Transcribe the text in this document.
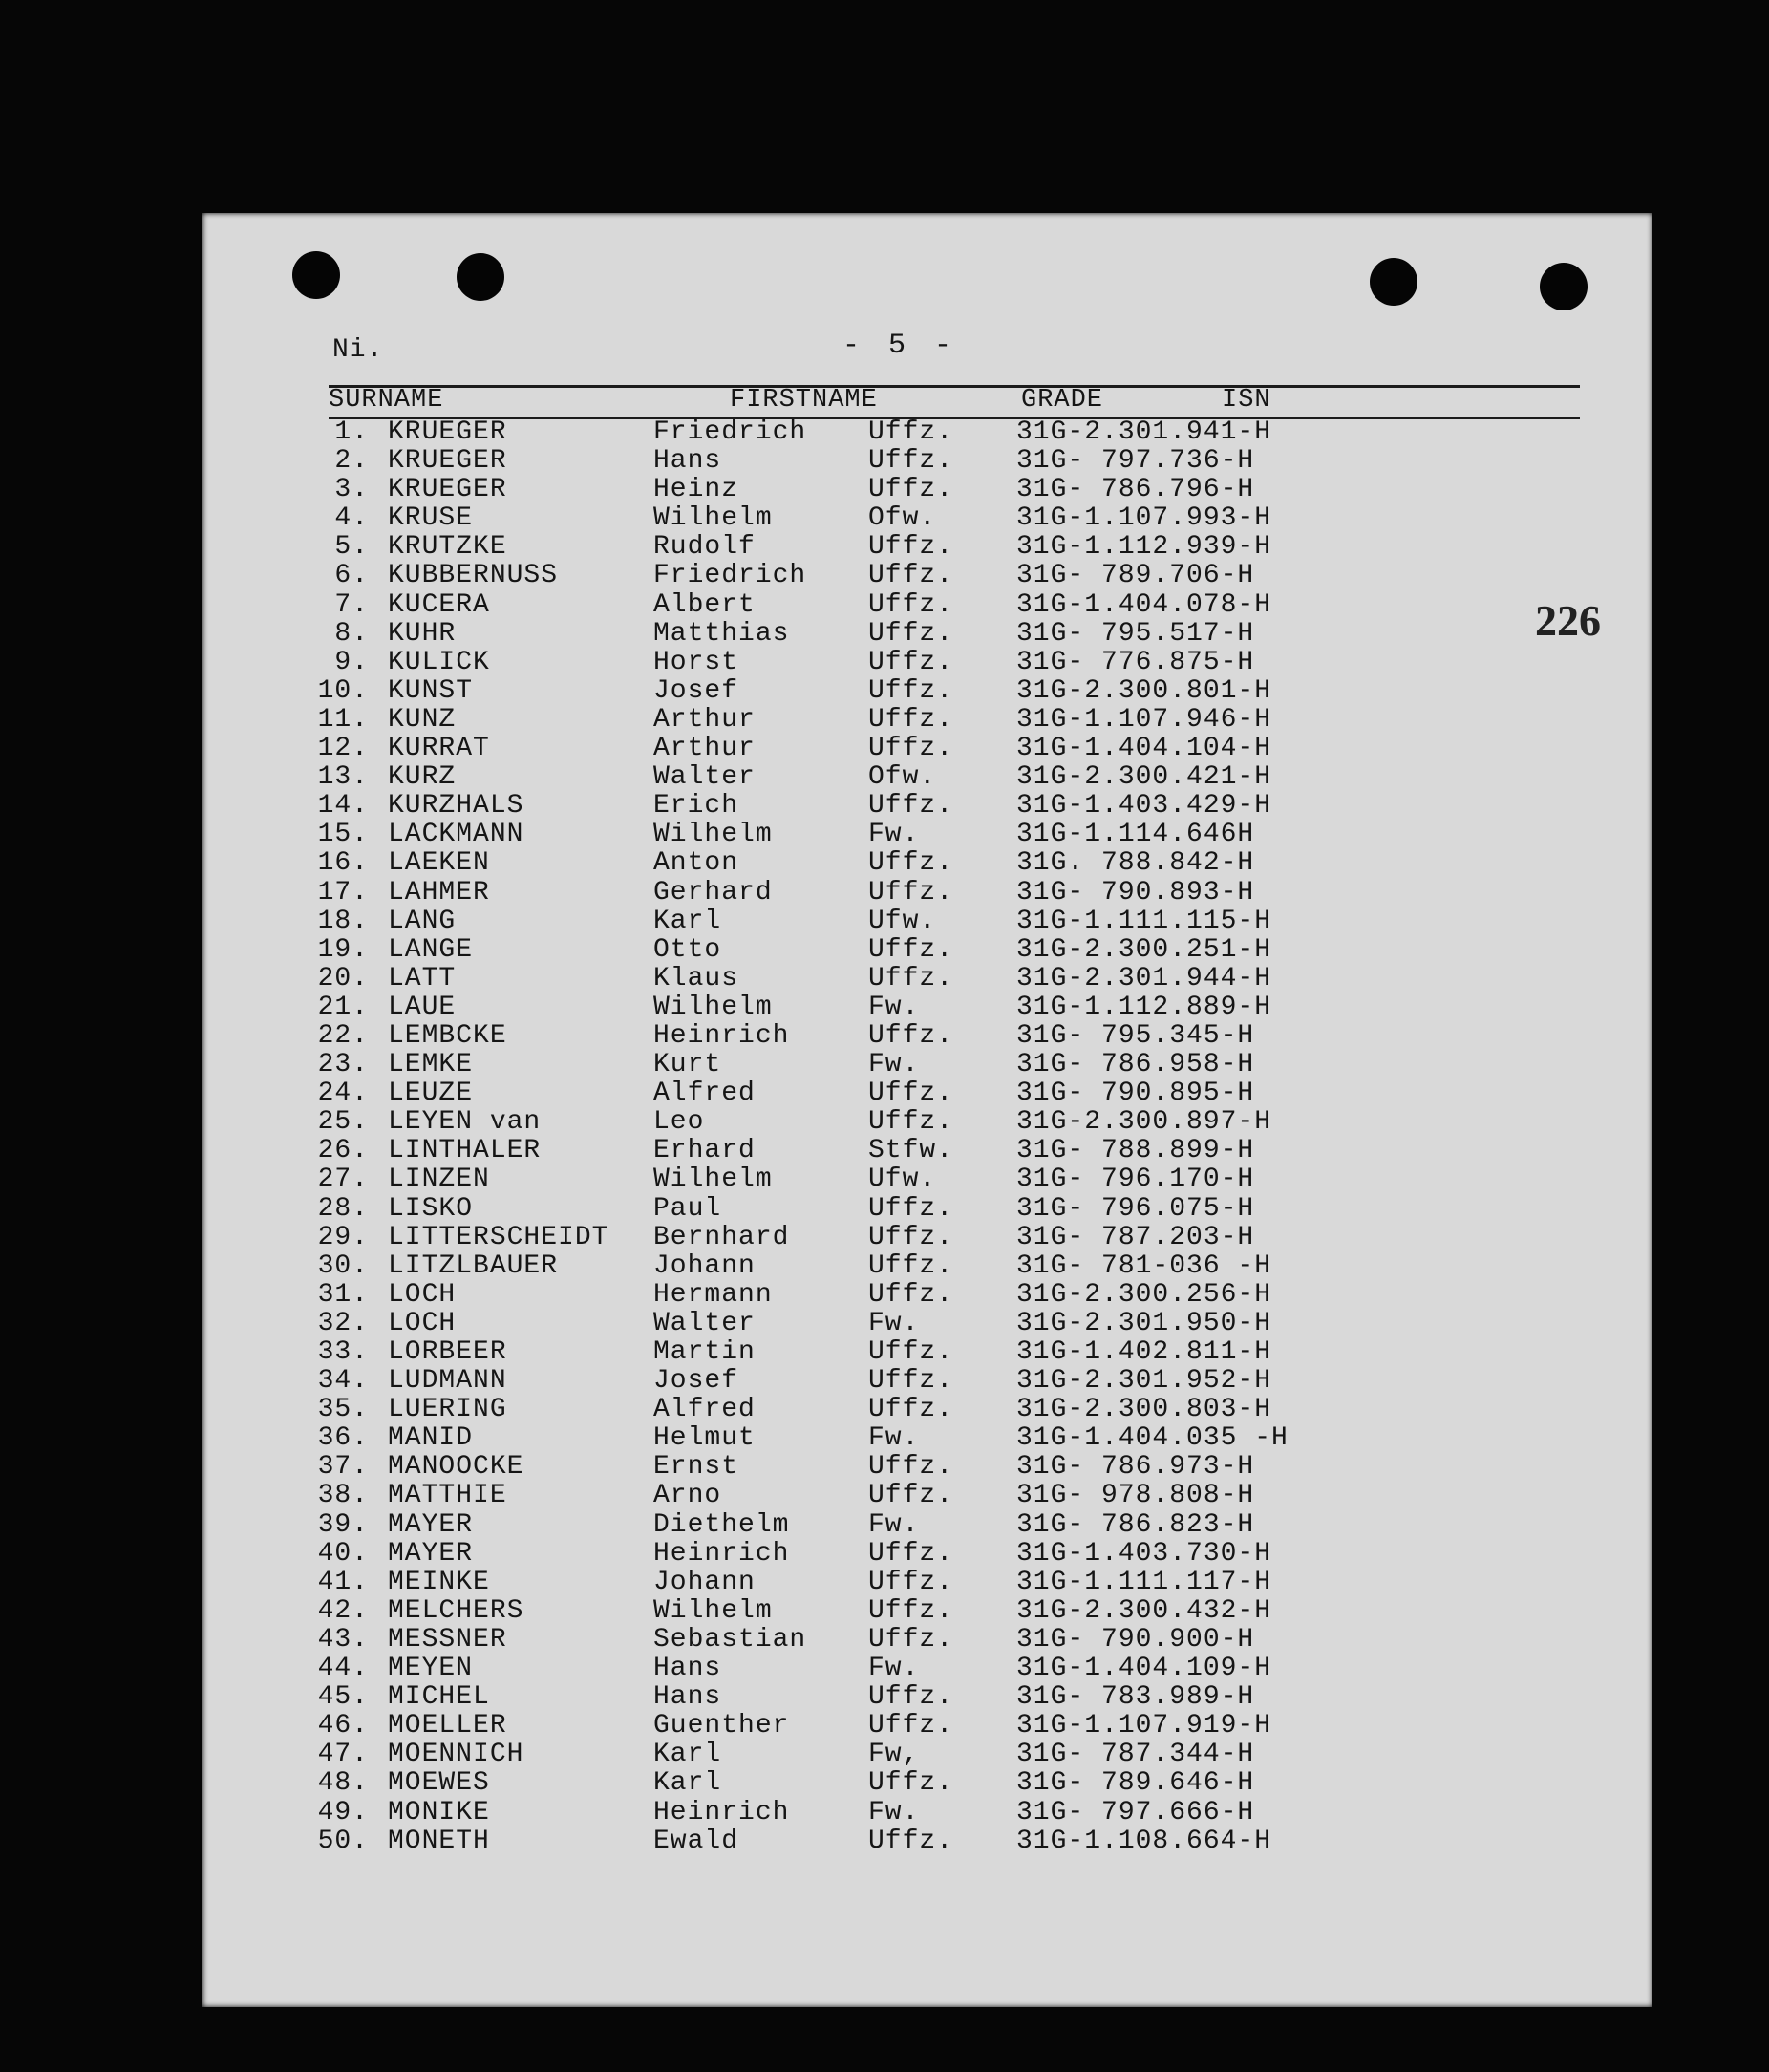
Ni.	- 5 -
226
SURNAME	FIRSTNAME	GRADE	ISN
1. KRUEGER	Friedrich Uffz. 31G-2.301.941-H
2. KRUEGER	Hans	Uffz. 31G- 797.736-H
3. KRUEGER	Heinz	Uffz. 31G- 786.796-H
4. KRUSE	Wilhelm	Ofw.	31G-1.107.993-H
5. KRUTZKE	Rudolf	Uffz. 31G-1.112.939-H
6. KUBBERNUSS	Friedrich Uffz. 31G- 789.706-H
7. KUCERA	Albert	Uffz. 31G-1.404.078-H
8. KUHR	Matthias	Uffz. 31G- 795.517-H
9. KULICK	Horst	Uffz. 31G- 776.875-H
10. KUNST	Josef	Uffz. 31G-2.300.801-H
11. KUNZ	Arthur	Uffz. 31G-1.107.946-H
12. KURRAT	Arthur	Uffz. 31G-1.404.104-H
13. KURZ	Walter	Ofw.	31G-2.300.421-H
14. KURZHALS	Erich	Uffz. 31G-1.403.429-H
15. LACKMANN	Wilhelm	Fw.	31G-1.114.646H
16. LAEKEN	Anton	Uffz. 31G. 788.842-H
17. LAHMER	Gerhard	Uffz. 31G- 790.893-H
18. LANG	Karl	Ufw.	31G-1.111.115-H
19. LANGE	Otto	Uffz. 31G-2.300.251-H
20. LATT	Klaus	Uffz. 31G-2.301.944-H
21. LAUE	Wilhelm	Fw.	31G-1.112.889-H
22. LEMBCKE	Heinrich	Uffz. 31G- 795.345-H
23. LEMKE	Kurt	Fw.	31G- 786.958-H
24. LEUZE	Alfred	Uffz. 31G- 790.895-H
25. LEYEN van	Leo	Uffz. 31G-2.300.897-H
26. LINTHALER	Erhard	Stfw. 31G- 788.899-H
27. LINZEN	Wilhelm	Ufw.	31G- 796.170-H
28. LISKO	Paul	Uffz. 31G- 796.075-H
29. LITTERSCHEIDT Bernhard	Uffz. 31G- 787.203-H
30. LITZLBAUER	Johann	Uffz. 31G- 781-036 -H
31. LOCH	Hermann	Uffz. 31G-2.300.256-H
32. LOCH	Walter	Fw.	31G-2.301.950-H
33. LORBEER	Martin	Uffz. 31G-1.402.811-H
34. LUDMANN	Josef	Uffz. 31G-2.301.952-H
35. LUERING	Alfred	Uffz. 31G-2.300.803-H
36. MANID	Helmut	Fw.	31G-1.404.035 -H
37. MANOOCKE	Ernst	Uffz. 31G- 786.973-H
38. MATTHIE	Arno	Uffz. 31G- 978.808-H
39. MAYER	Diethelm	Fw.	31G- 786.823-H
40. MAYER	Heinrich	Uffz. 31G-1.403.730-H
41. MEINKE	Johann	Uffz. 31G-1.111.117-H
42. MELCHERS	Wilhelm	Uffz. 31G-2.300.432-H
43. MESSNER	Sebastian Uffz. 31G- 790.900-H
44. MEYEN	Hans	Fw.	31G-1.404.109-H
45. MICHEL	Hans	Uffz. 31G- 783.989-H
46. MOELLER	Guenther	Uffz. 31G-1.107.919-H
47. MOENNICH	Karl	Fw,	31G- 787.344-H
48. MOEWES	Karl	Uffz. 31G- 789.646-H
49. MONIKE	Heinrich	Fw.	31G- 797.666-H
50. MONETH	Ewald	Uffz. 31G-1.108.664-H
